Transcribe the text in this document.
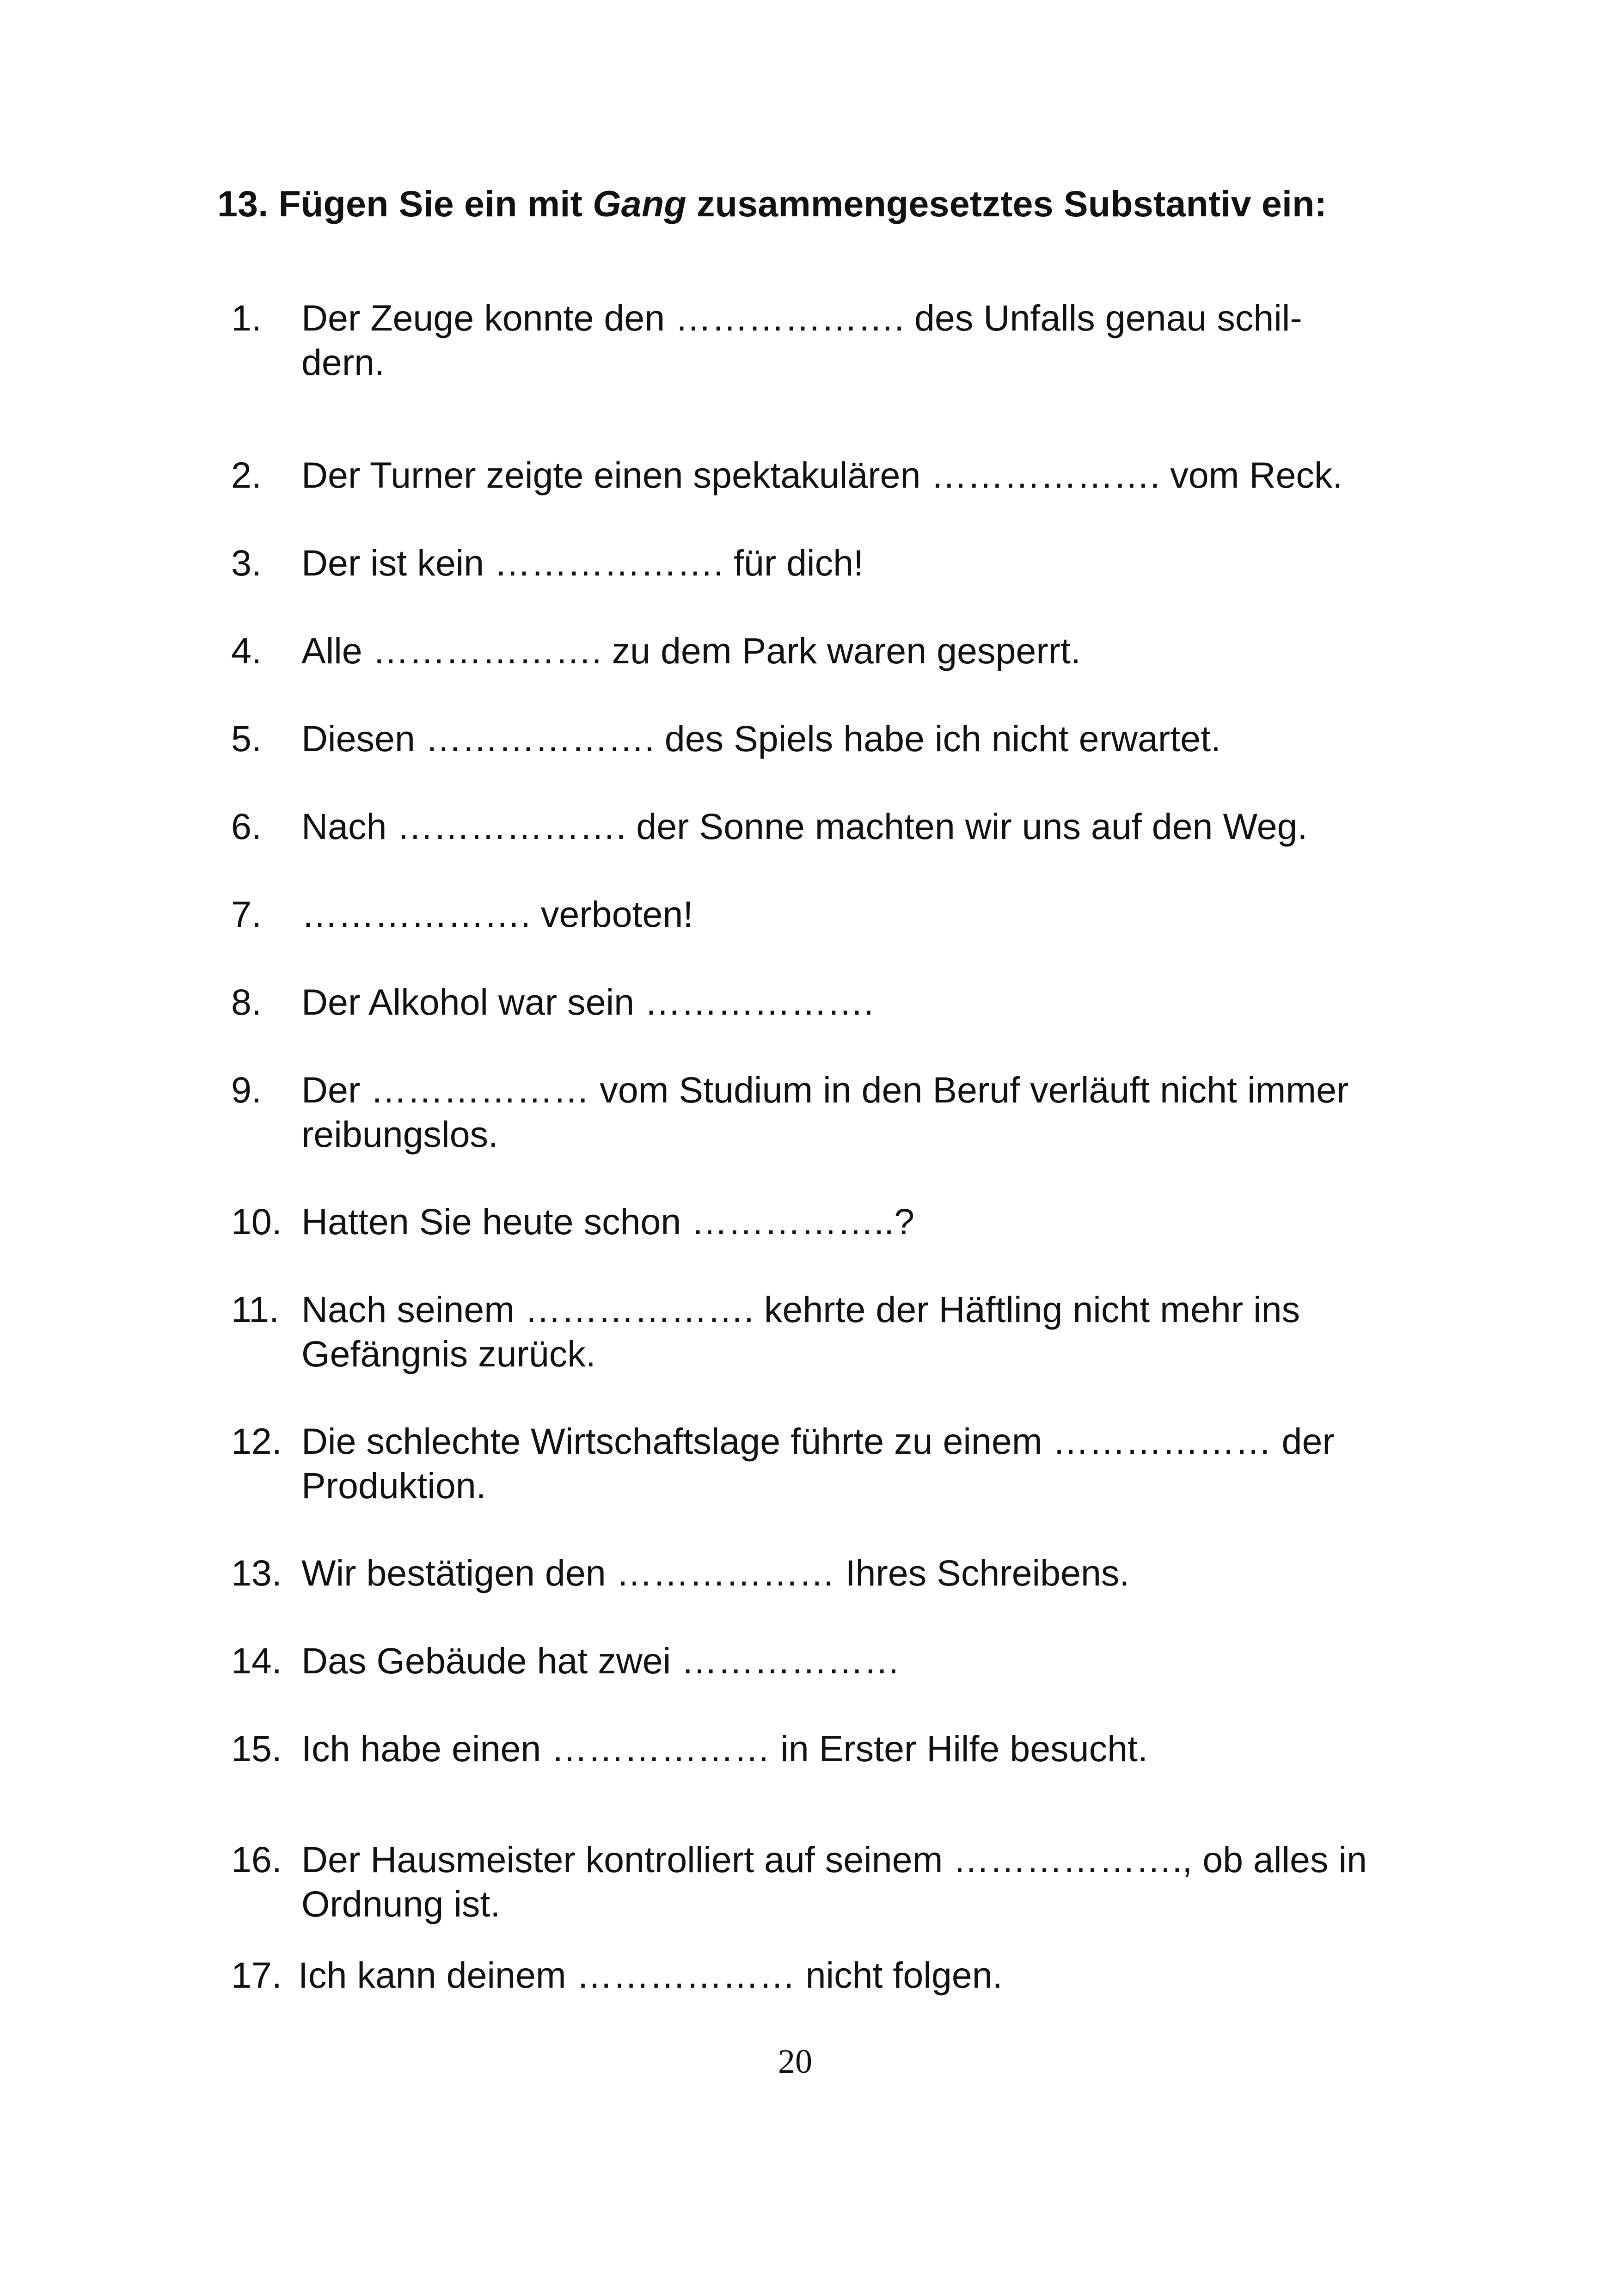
13. Fügen Sie ein mit Gang zusammengesetztes Substantiv ein:
1. Der Zeuge konnte den ………………. des Unfalls genau schil-dern.
2. Der Turner zeigte einen spektakulären ………………. vom Reck.
3. Der ist kein ………………. für dich!
4. Alle ………………. zu dem Park waren gesperrt.
5. Diesen ………………. des Spiels habe ich nicht erwartet.
6. Nach ………………. der Sonne machten wir uns auf den Weg.
7. ………………. verboten!
8. Der Alkohol war sein ……………….
9. Der ……………… vom Studium in den Beruf verläuft nicht immer reibungslos.
10. Hatten Sie heute schon ……………..?
11. Nach seinem ………………. kehrte der Häftling nicht mehr ins Gefängnis zurück.
12. Die schlechte Wirtschaftslage führte zu einem ……………… der Produktion.
13. Wir bestätigen den ……………… Ihres Schreibens.
14. Das Gebäude hat zwei ………………
15. Ich habe einen ……………… in Erster Hilfe besucht.
16. Der Hausmeister kontrolliert auf seinem ………………., ob alles in Ordnung ist.
17. Ich kann deinem ……………… nicht folgen.
20
